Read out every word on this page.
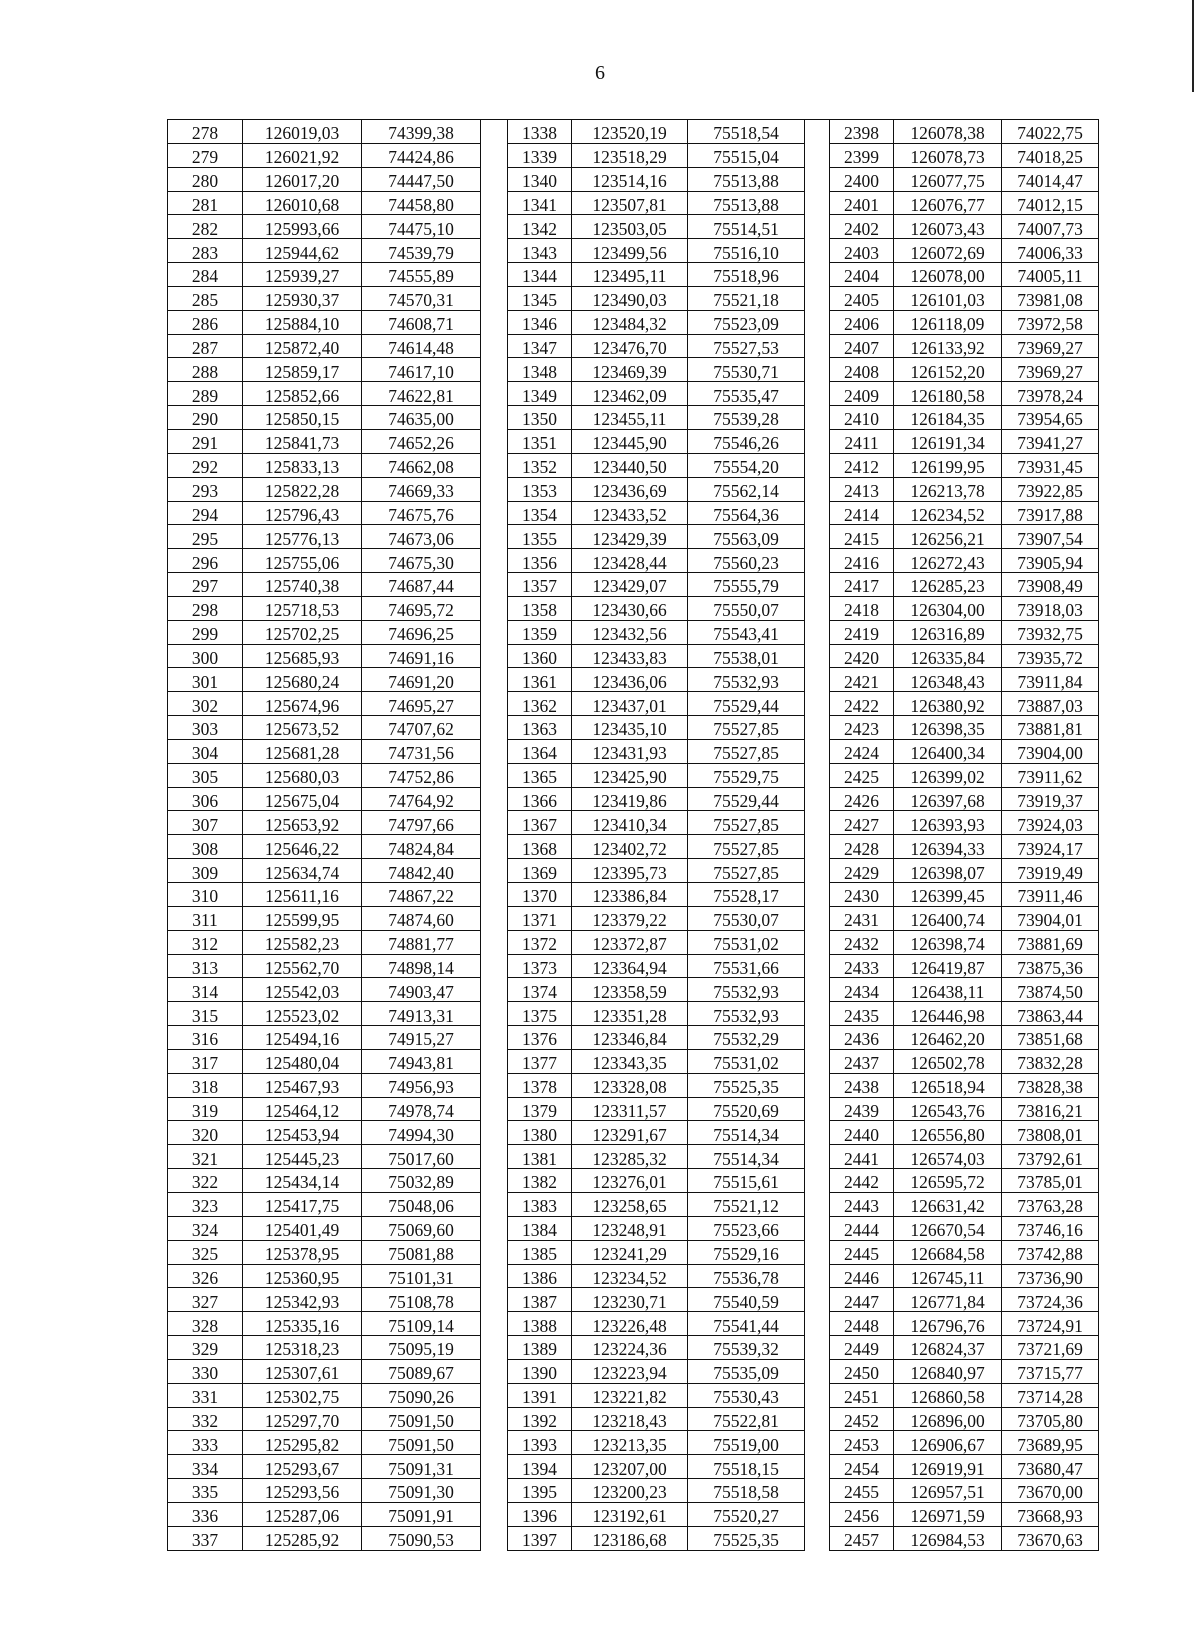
6
278	126019,03	74399,38
279	126021,92	74424,86
280	126017,20	74447,50
281	126010,68	74458,80
282	125993,66	74475,10
283	125944,62	74539,79
284	125939,27	74555,89
285	125930,37	74570,31
286	125884,10	74608,71
287	125872,40	74614,48
288	125859,17	74617,10
289	125852,66	74622,81
290	125850,15	74635,00
291	125841,73	74652,26
292	125833,13	74662,08
293	125822,28	74669,33
294	125796,43	74675,76
295	125776,13	74673,06
296	125755,06	74675,30
297	125740,38	74687,44
298	125718,53	74695,72
299	125702,25	74696,25
300	125685,93	74691,16
301	125680,24	74691,20
302	125674,96	74695,27
303	125673,52	74707,62
304	125681,28	74731,56
305	125680,03	74752,86
306	125675,04	74764,92
307	125653,92	74797,66
308	125646,22	74824,84
309	125634,74	74842,40
310	125611,16	74867,22
311	125599,95	74874,60
312	125582,23	74881,77
313	125562,70	74898,14
314	125542,03	74903,47
315	125523,02	74913,31
316	125494,16	74915,27
317	125480,04	74943,81
318	125467,93	74956,93
319	125464,12	74978,74
320	125453,94	74994,30
321	125445,23	75017,60
322	125434,14	75032,89
323	125417,75	75048,06
324	125401,49	75069,60
325	125378,95	75081,88
326	125360,95	75101,31
327	125342,93	75108,78
328	125335,16	75109,14
329	125318,23	75095,19
330	125307,61	75089,67
331	125302,75	75090,26
332	125297,70	75091,50
333	125295,82	75091,50
334	125293,67	75091,31
335	125293,56	75091,30
336	125287,06	75091,91
337	125285,92	75090,53
1338	123520,19	75518,54
1339	123518,29	75515,04
1340	123514,16	75513,88
1341	123507,81	75513,88
1342	123503,05	75514,51
1343	123499,56	75516,10
1344	123495,11	75518,96
1345	123490,03	75521,18
1346	123484,32	75523,09
1347	123476,70	75527,53
1348	123469,39	75530,71
1349	123462,09	75535,47
1350	123455,11	75539,28
1351	123445,90	75546,26
1352	123440,50	75554,20
1353	123436,69	75562,14
1354	123433,52	75564,36
1355	123429,39	75563,09
1356	123428,44	75560,23
1357	123429,07	75555,79
1358	123430,66	75550,07
1359	123432,56	75543,41
1360	123433,83	75538,01
1361	123436,06	75532,93
1362	123437,01	75529,44
1363	123435,10	75527,85
1364	123431,93	75527,85
1365	123425,90	75529,75
1366	123419,86	75529,44
1367	123410,34	75527,85
1368	123402,72	75527,85
1369	123395,73	75527,85
1370	123386,84	75528,17
1371	123379,22	75530,07
1372	123372,87	75531,02
1373	123364,94	75531,66
1374	123358,59	75532,93
1375	123351,28	75532,93
1376	123346,84	75532,29
1377	123343,35	75531,02
1378	123328,08	75525,35
1379	123311,57	75520,69
1380	123291,67	75514,34
1381	123285,32	75514,34
1382	123276,01	75515,61
1383	123258,65	75521,12
1384	123248,91	75523,66
1385	123241,29	75529,16
1386	123234,52	75536,78
1387	123230,71	75540,59
1388	123226,48	75541,44
1389	123224,36	75539,32
1390	123223,94	75535,09
1391	123221,82	75530,43
1392	123218,43	75522,81
1393	123213,35	75519,00
1394	123207,00	75518,15
1395	123200,23	75518,58
1396	123192,61	75520,27
1397	123186,68	75525,35
2398	126078,38	74022,75
2399	126078,73	74018,25
2400	126077,75	74014,47
2401	126076,77	74012,15
2402	126073,43	74007,73
2403	126072,69	74006,33
2404	126078,00	74005,11
2405	126101,03	73981,08
2406	126118,09	73972,58
2407	126133,92	73969,27
2408	126152,20	73969,27
2409	126180,58	73978,24
2410	126184,35	73954,65
2411	126191,34	73941,27
2412	126199,95	73931,45
2413	126213,78	73922,85
2414	126234,52	73917,88
2415	126256,21	73907,54
2416	126272,43	73905,94
2417	126285,23	73908,49
2418	126304,00	73918,03
2419	126316,89	73932,75
2420	126335,84	73935,72
2421	126348,43	73911,84
2422	126380,92	73887,03
2423	126398,35	73881,81
2424	126400,34	73904,00
2425	126399,02	73911,62
2426	126397,68	73919,37
2427	126393,93	73924,03
2428	126394,33	73924,17
2429	126398,07	73919,49
2430	126399,45	73911,46
2431	126400,74	73904,01
2432	126398,74	73881,69
2433	126419,87	73875,36
2434	126438,11	73874,50
2435	126446,98	73863,44
2436	126462,20	73851,68
2437	126502,78	73832,28
2438	126518,94	73828,38
2439	126543,76	73816,21
2440	126556,80	73808,01
2441	126574,03	73792,61
2442	126595,72	73785,01
2443	126631,42	73763,28
2444	126670,54	73746,16
2445	126684,58	73742,88
2446	126745,11	73736,90
2447	126771,84	73724,36
2448	126796,76	73724,91
2449	126824,37	73721,69
2450	126840,97	73715,77
2451	126860,58	73714,28
2452	126896,00	73705,80
2453	126906,67	73689,95
2454	126919,91	73680,47
2455	126957,51	73670,00
2456	126971,59	73668,93
2457	126984,53	73670,63
